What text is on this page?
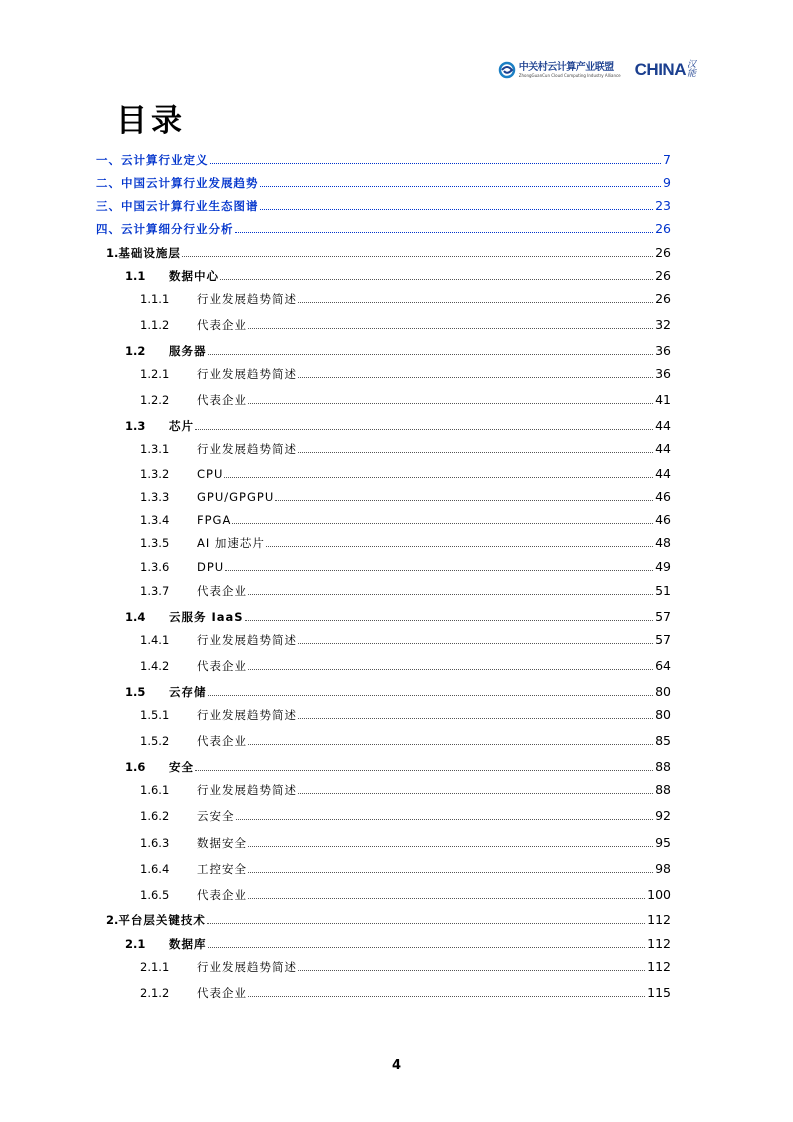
中关村云计算产业联盟
ZhongGuanCun Cloud Computing Industry Alliance CHINA 汉能
目录
一、云计算行业定义	7
二、中国云计算行业发展趋势	9
三、中国云计算行业生态图谱	23
四、云计算细分行业分析	26
1. 基础设施层	26
1.1	数据中心	26
1.1.1	行业发展趋势简述	26
1.1.2	代表企业	32
1.2	服务器	36
1.2.1	行业发展趋势简述	36
1.2.2	代表企业	41
1.3	芯片	44
1.3.1	行业发展趋势简述	44
1.3.2	CPU	44
1.3.3	GPU/GPGPU	46
1.3.4	FPGA	46
1.3.5	AI 加速芯片	48
1.3.6	DPU	49
1.3.7	代表企业	51
1.4	云服务 IaaS	57
1.4.1	行业发展趋势简述	57
1.4.2	代表企业	64
1.5	云存储	80
1.5.1	行业发展趋势简述	80
1.5.2	代表企业	85
1.6	安全	88
1.6.1	行业发展趋势简述	88
1.6.2	云安全	92
1.6.3	数据安全	95
1.6.4	工控安全	98
1.6.5	代表企业	100
2. 平台层关键技术	112
2.1	数据库	112
2.1.1	行业发展趋势简述	112
2.1.2	代表企业	115
4
